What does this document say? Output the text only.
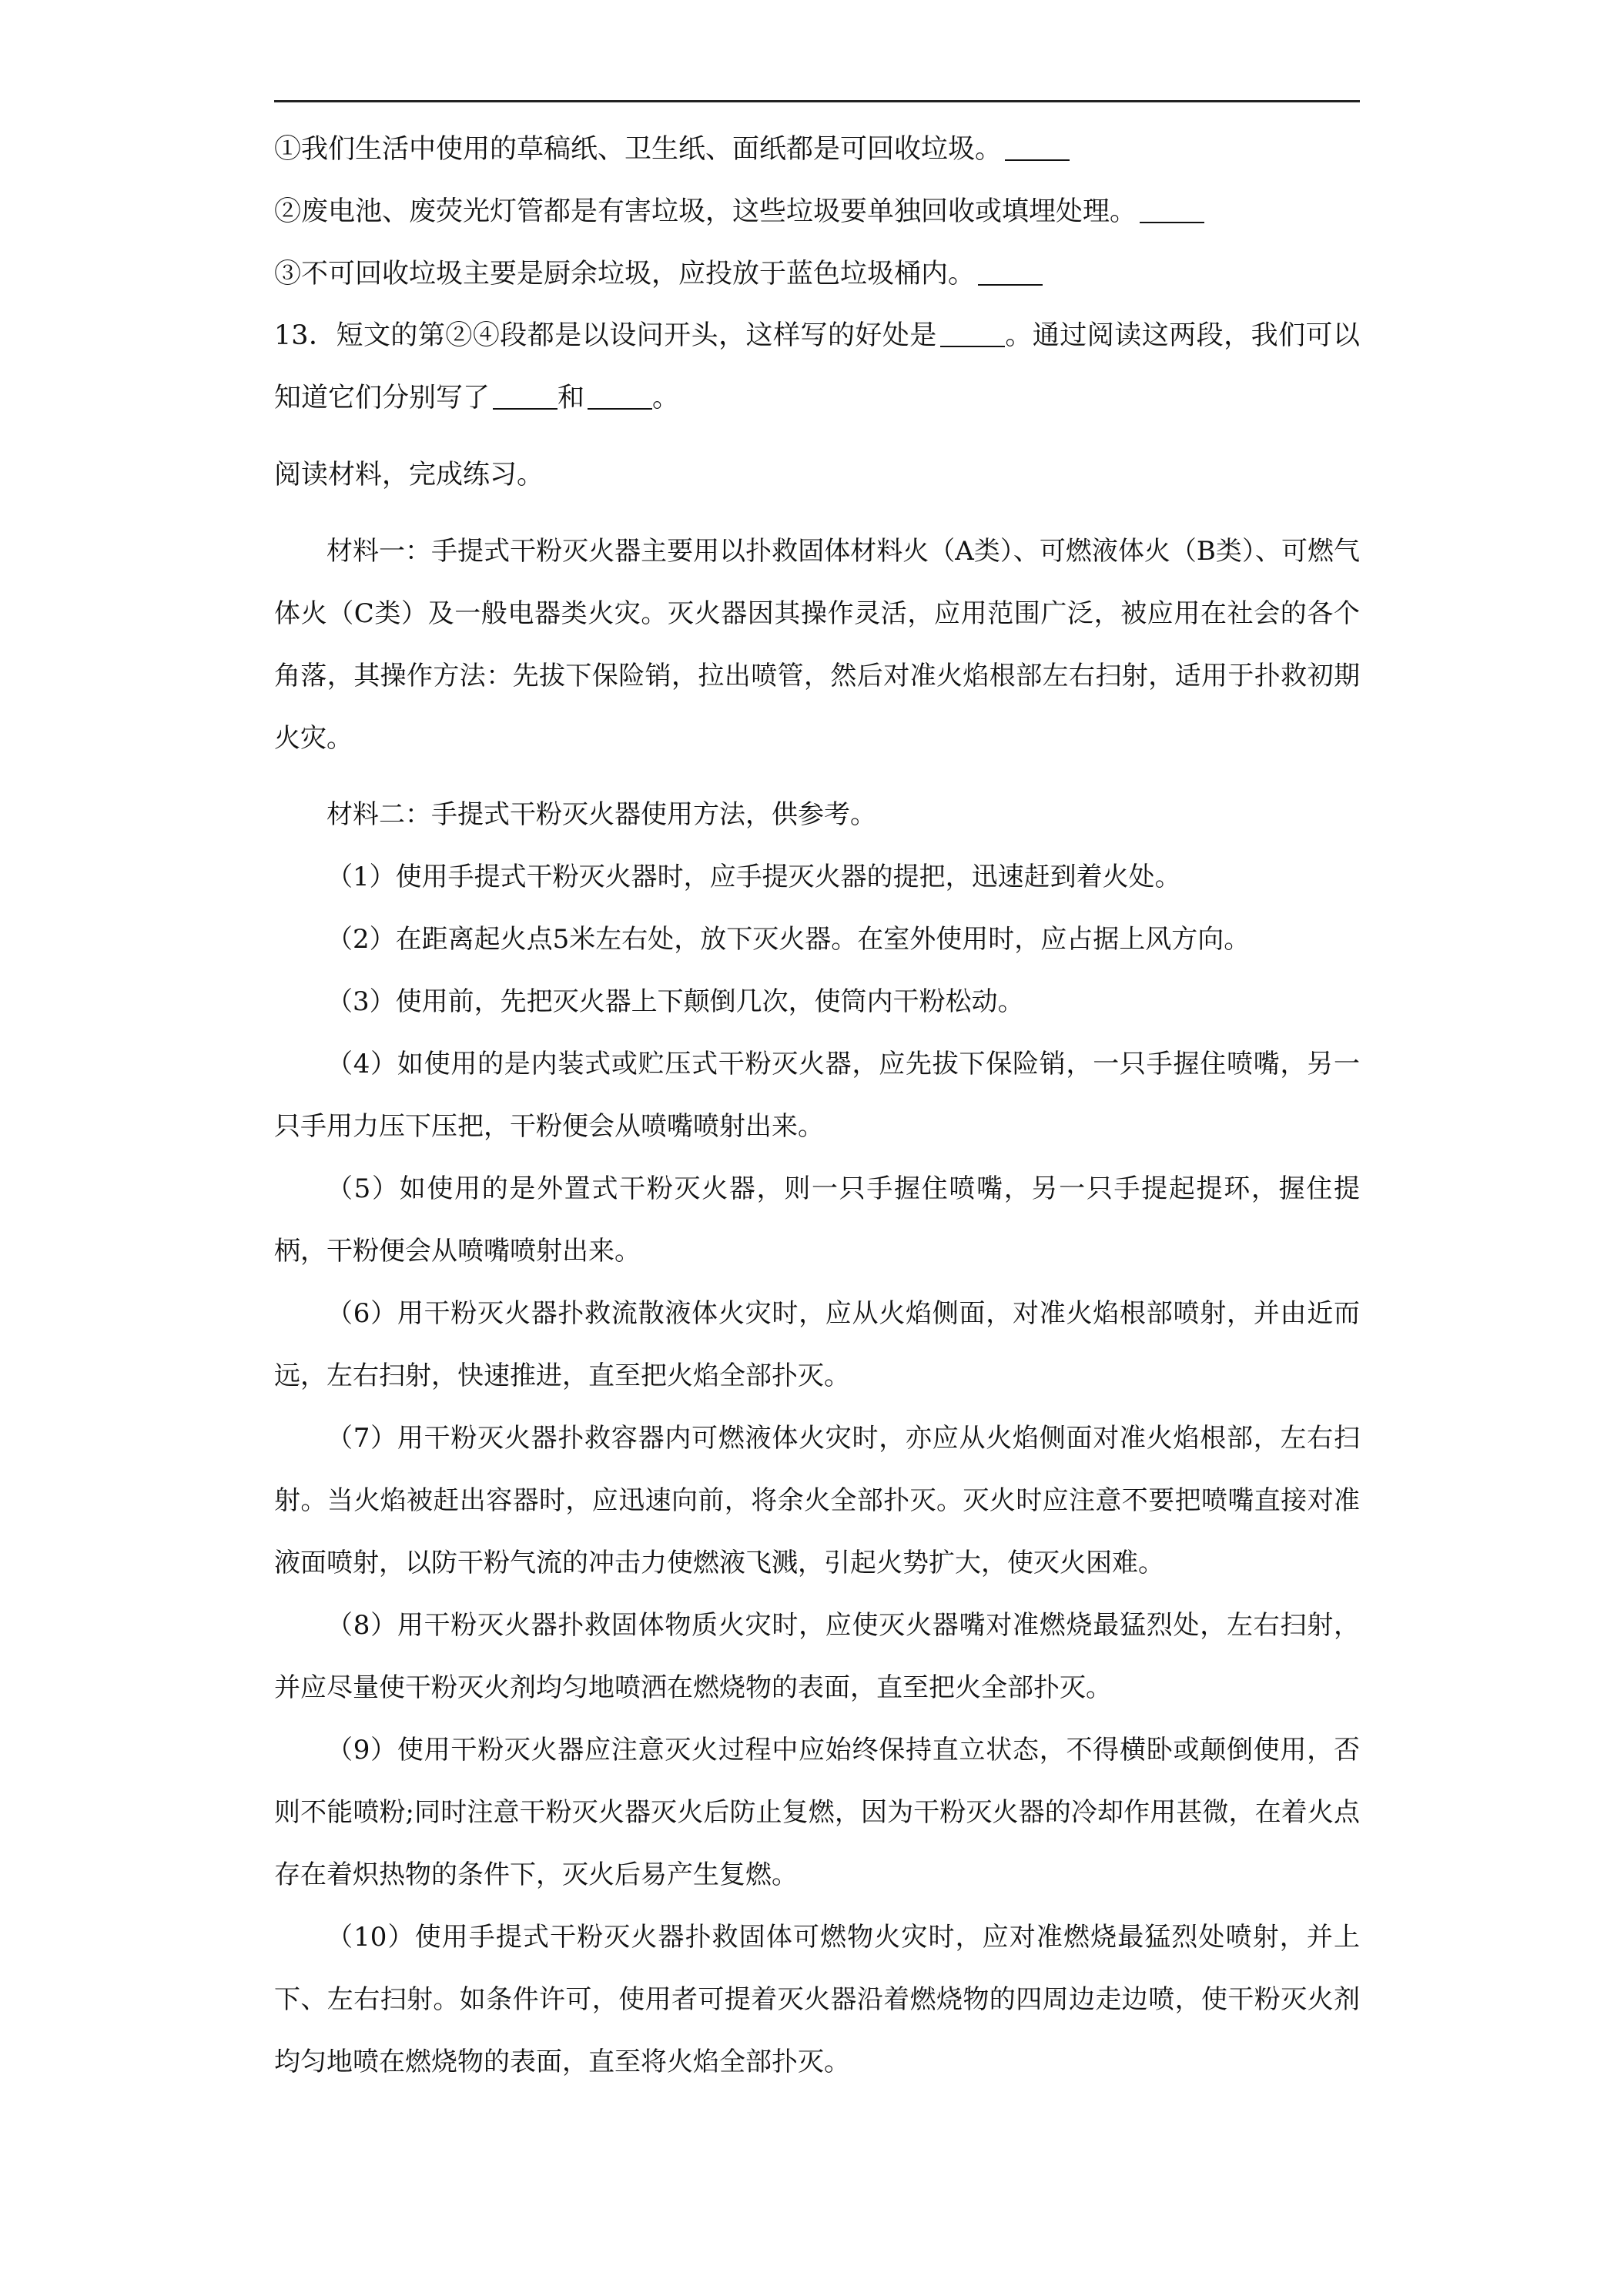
①我们生活中使用的草稿纸、卫生纸、面纸都是可回收垃圾。

②废电池、废荧光灯管都是有害垃圾，这些垃圾要单独回收或填埋处理。

③不可回收垃圾主要是厨余垃圾，应投放于蓝色垃圾桶内。

13．短文的第②④段都是以设问开头，这样写的好处是	。通过阅读这两段，我们可以知道它们分别写了	和	。

阅读材料，完成练习。

材料一：手提式干粉灭火器主要用以扑救固体材料火（A类）、可燃液体火（B类）、可燃气体火（C类）及一般电器类火灾。灭火器因其操作灵活，应用范围广泛，被应用在社会的各个角落，其操作方法：先拔下保险销，拉出喷管，然后对准火焰根部左右扫射，适用于扑救初期火灾。

材料二：手提式干粉灭火器使用方法，供参考。

（1）使用手提式干粉灭火器时，应手提灭火器的提把，迅速赶到着火处。

（2）在距离起火点5米左右处，放下灭火器。在室外使用时，应占据上风方向。

（3）使用前，先把灭火器上下颠倒几次，使筒内干粉松动。

（4）如使用的是内装式或贮压式干粉灭火器，应先拔下保险销，一只手握住喷嘴，另一只手用力压下压把，干粉便会从喷嘴喷射出来。

（5）如使用的是外置式干粉灭火器，则一只手握住喷嘴，另一只手提起提环，握住提柄，干粉便会从喷嘴喷射出来。

（6）用干粉灭火器扑救流散液体火灾时，应从火焰侧面，对准火焰根部喷射，并由近而远，左右扫射，快速推进，直至把火焰全部扑灭。

（7）用干粉灭火器扑救容器内可燃液体火灾时，亦应从火焰侧面对准火焰根部，左右扫射。当火焰被赶出容器时，应迅速向前，将余火全部扑灭。灭火时应注意不要把喷嘴直接对准液面喷射，以防干粉气流的冲击力使燃液飞溅，引起火势扩大，使灭火困难。

（8）用干粉灭火器扑救固体物质火灾时，应使灭火器嘴对准燃烧最猛烈处，左右扫射，并应尽量使干粉灭火剂均匀地喷洒在燃烧物的表面，直至把火全部扑灭。

（9）使用干粉灭火器应注意灭火过程中应始终保持直立状态，不得横卧或颠倒使用，否则不能喷粉;同时注意干粉灭火器灭火后防止复燃，因为干粉灭火器的冷却作用甚微，在着火点存在着炽热物的条件下，灭火后易产生复燃。

（10）使用手提式干粉灭火器扑救固体可燃物火灾时，应对准燃烧最猛烈处喷射，并上下、左右扫射。如条件许可，使用者可提着灭火器沿着燃烧物的四周边走边喷，使干粉灭火剂均匀地喷在燃烧物的表面，直至将火焰全部扑灭。
